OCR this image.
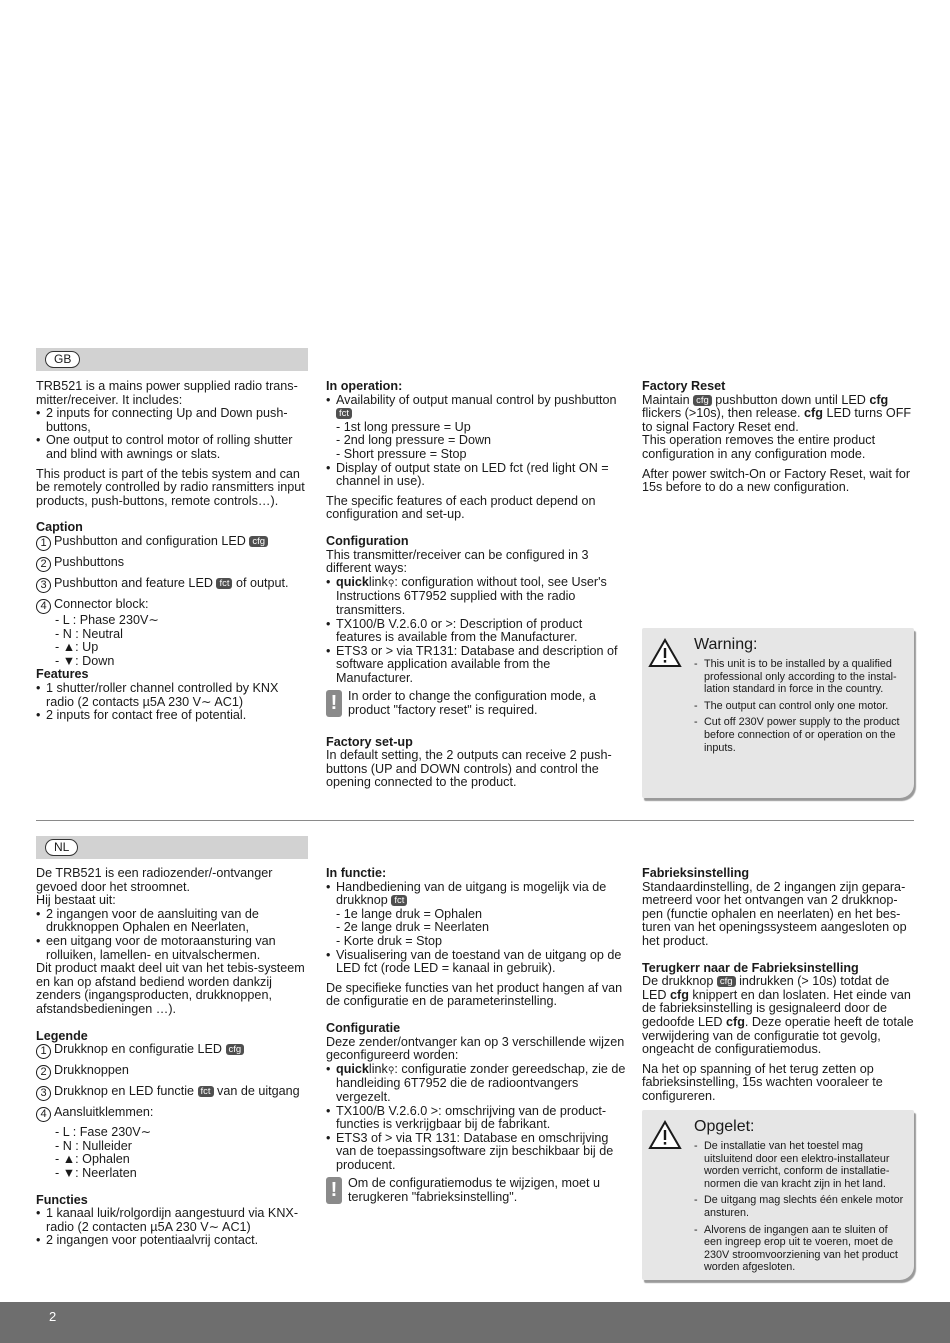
GB

TRB521 is a mains power supplied radio trans-mitter/receiver. It includes:

• 2 inputs for connecting Up and Down push-buttons,

• One output to control motor of rolling shutter and blind with awnings or slats.

This product is part of the tebis system and can be remotely controlled by radio ransmitters input products, push-buttons, remote controls…).

Caption

1 Pushbutton and configuration LED cfg

2 Pushbuttons

3 Pushbutton and feature LED fct of output.

4 Connector block:

- L : Phase 230V∼

- N : Neutral

- ▲: Up

- ▼: Down

Features

• 1 shutter/roller channel controlled by KNX radio (2 contacts µ5A 230 V∼ AC1)

• 2 inputs for contact free of potential.

In operation:

• Availability of output manual control by pushbutton fct

- 1st long pressure = Up

- 2nd long pressure = Down

- Short pressure = Stop

• Display of output state on LED fct (red light ON = channel in use).

The specific features of each product depend on configuration and set-up.

Configuration

This transmitter/receiver can be configured in 3 different ways:

• quicklink⚲: configuration without tool, see User's Instructions 6T7952 supplied with the radio transmitters.

• TX100/B V.2.6.0 or >: Description of product features is available from the Manufacturer.

• ETS3 or > via TR131: Database and description of software application available from the Manufacturer.

! In order to change the configuration mode, a product "factory reset" is required.

Factory set-up

In default setting, the 2 outputs can receive 2 push-buttons (UP and DOWN controls) and control the opening connected to the product.

Factory Reset

Maintain cfg pushbutton down until LED cfg flickers (>10s), then release. cfg LED turns OFF to signal Factory Reset end.

This operation removes the entire product configuration in any configuration mode.

After power switch-On or Factory Reset, wait for 15s before to do a new configuration.

Warning:

- This unit is to be installed by a qualified professional only according to the instal-lation standard in force in the country.

- The output can control only one motor.

- Cut off 230V power supply to the product before connection of or operation on the inputs.

NL

De TRB521 is een radiozender/-ontvanger gevoed door het stroomnet.

Hij bestaat uit:

• 2 ingangen voor de aansluiting van de drukknoppen Ophalen en Neerlaten,

• een uitgang voor de motoraansturing van rolluiken, lamellen- en uitvalschermen.

Dit product maakt deel uit van het tebis-systeem en kan op afstand bediend worden dankzij zenders (ingangsproducten, drukknoppen, afstandsbedieningen …).

Legende

1 Drukknop en configuratie LED cfg

2 Drukknoppen

3 Drukknop en LED functie fct van de uitgang

4 Aansluitklemmen:

- L : Fase 230V∼

- N : Nulleider

- ▲: Ophalen

- ▼: Neerlaten

Functies

• 1 kanaal luik/rolgordijn aangestuurd via KNX-radio (2 contacten µ5A 230 V∼ AC1)

• 2 ingangen voor potentiaalvrij contact.

In functie:

• Handbediening van de uitgang is mogelijk via de drukknop fct

- 1e lange druk = Ophalen

- 2e lange druk = Neerlaten

- Korte druk = Stop

• Visualisering van de toestand van de uitgang op de LED fct (rode LED = kanaal in gebruik).

De specifieke functies van het product hangen af van de configuratie en de parameterinstelling.

Configuratie

Deze zender/ontvanger kan op 3 verschillende wijzen geconfigureerd worden:

• quicklink⚲: configuratie zonder gereedschap, zie de handleiding 6T7952 die de radioontvangers vergezelt.

• TX100/B V.2.6.0 >: omschrijving van de product-functies is verkrijgbaar bij de fabrikant.

• ETS3 of > via TR 131: Database en omschrijving van de toepassingsoftware zijn beschikbaar bij de producent.

! Om de configuratiemodus te wijzigen, moet u terugkeren "fabrieksinstelling".

Fabrieksinstelling

Standaardinstelling, de 2 ingangen zijn gepara-metreerd voor het ontvangen van 2 drukknop-pen (functie ophalen en neerlaten) en het bes-turen van het openingssysteem aangesloten op het product.

Terugkerr naar de Fabrieksinstelling

De drukknop cfg indrukken (> 10s) totdat de LED cfg knippert en dan loslaten. Het einde van de fabrieksinstelling is gesignaleerd door de gedoofde LED cfg. Deze operatie heeft de totale verwijdering van de configuratie tot gevolg, ongeacht de configuratiemodus.

Na het op spanning of het terug zetten op fabrieksinstelling, 15s wachten vooraleer te configureren.

Opgelet:

- De installatie van het toestel mag uitsluitend door een elektro-installateur worden verricht, conform de installatie-normen die van kracht zijn in het land.

- De uitgang mag slechts één enkele motor ansturen.

- Alvorens de ingangen aan te sluiten of een ingreep erop uit te voeren, moet de 230V stroomvoorziening van het product worden afgesloten.

2
